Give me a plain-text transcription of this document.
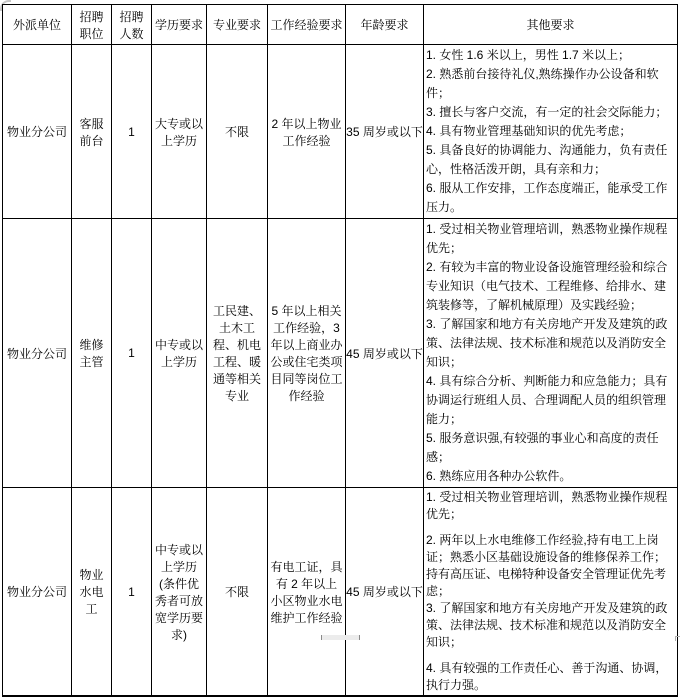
外派单位	招聘职位	招聘人数	学历要求	专业要求	工作经验要求	年龄要求	其他要求
物业分公司	客服前台	1	大专或以上学历	不限	2 年以上物业工作经验	35 周岁或以下	
1. 女性 1.6 米以上，男性 1.7 米以上；
2. 熟悉前台接待礼仪,熟练操作办公设备和软件；
3. 擅长与客户交流，有一定的社会交际能力；
4. 具有物业管理基础知识的优先考虑；
5. 具备良好的协调能力、沟通能力，负有责任心，性格活泼开朗，具有亲和力；
6. 服从工作安排，工作态度端正，能承受工作压力。

物业分公司	维修主管	1	中专或以上学历	工民建、土木工程、机电工程、暖通等相关专业	5 年以上相关工作经验，3 年以上商业办公或住宅类项目同等岗位工作经验	45 周岁或以下	
1. 受过相关物业管理培训，熟悉物业操作规程优先；
2. 有较为丰富的物业设备设施管理经验和综合专业知识（电气技术、工程维修、给排水、建筑装修等，了解机械原理）及实践经验；
3. 了解国家和地方有关房地产开发及建筑的政策、法律法规、技术标准和规范以及消防安全知识；
4. 具有综合分析、判断能力和应急能力；具有协调运行班组人员、合理调配人员的组织管理能力；
5. 服务意识强,有较强的事业心和高度的责任感；
6. 熟练应用各种办公软件。

物业分公司	物业水电工	1	中专或以上学历(条件优秀者可放宽学历要求)	不限	有电工证，具有 2 年以上小区物业水电维护工作经验	45 周岁或以下	1. 受过相关物业管理培训，熟悉物业操作规程优先；
2. 两年以上水电维修工作经验,持有电工上岗证；熟悉小区基础设施设备的维修保养工作；持有高压证、电梯特种设备安全管理证优先考虑；
3. 了解国家和地方有关房地产开发及建筑的政策、法律法规、技术标准和规范以及消防安全知识；
4. 具有较强的工作责任心、善于沟通、协调，执行力强。
